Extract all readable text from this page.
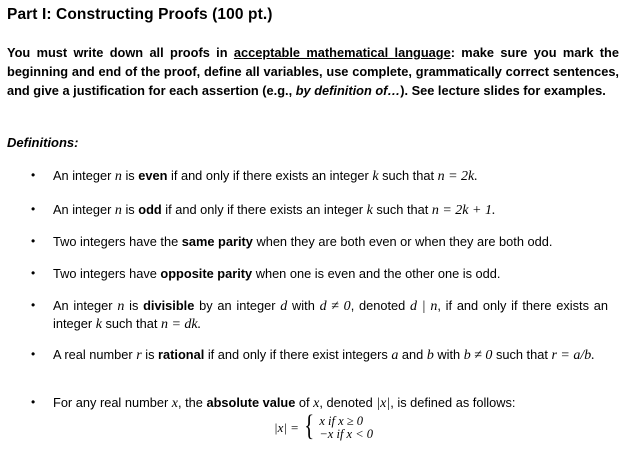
Part I: Constructing Proofs (100 pt.)
You must write down all proofs in acceptable mathematical language: make sure you mark the beginning and end of the proof, define all variables, use complete, grammatically correct sentences, and give a justification for each assertion (e.g., by definition of…). See lecture slides for examples.
Definitions:
• An integer n is even if and only if there exists an integer k such that n = 2k.
• An integer n is odd if and only if there exists an integer k such that n = 2k + 1.
• Two integers have the same parity when they are both even or when they are both odd.
• Two integers have opposite parity when one is even and the other one is odd.
• An integer n is divisible by an integer d with d ≠ 0, denoted d | n, if and only if there exists an integer k such that n = dk.
• A real number r is rational if and only if there exist integers a and b with b ≠ 0 such that r = a/b.
• For any real number x, the absolute value of x, denoted |x|, is defined as follows:
|x| = { x if x ≥ 0
−x if x < 0
